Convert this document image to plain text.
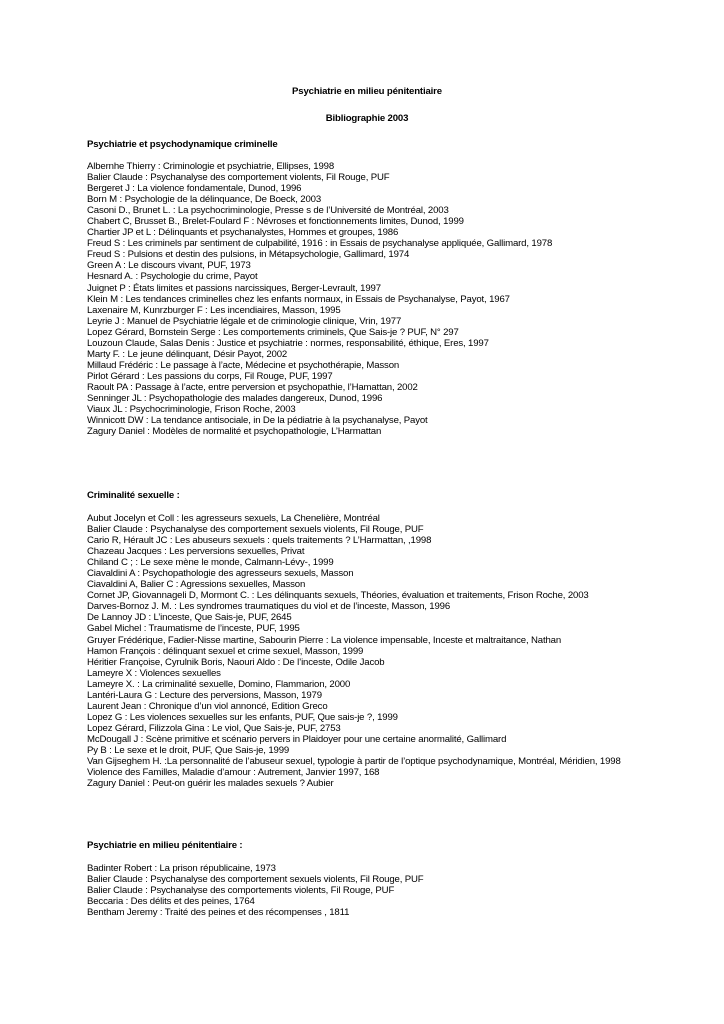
Psychiatrie en milieu pénitentiaire
Bibliographie 2003
Psychiatrie et psychodynamique criminelle
Albernhe Thierry : Criminologie et psychiatrie, Ellipses, 1998
Balier Claude : Psychanalyse des comportement violents, Fil Rouge, PUF
Bergeret J : La violence fondamentale, Dunod, 1996
Born M : Psychologie de la délinquance, De Boeck, 2003
Casoni D., Brunet L. : La psychocriminologie, Presse s de l’Université de Montréal, 2003
Chabert C, Brusset B., Brelet-Foulard F : Névroses et fonctionnements limites, Dunod, 1999
Chartier JP et L : Délinquants et psychanalystes, Hommes et groupes, 1986
Freud S : Les criminels par sentiment de culpabilité, 1916 : in Essais de psychanalyse appliquée, Gallimard, 1978
Freud S : Pulsions et destin des pulsions, in Métapsychologie, Gallimard, 1974
Green A : Le discours vivant, PUF, 1973
Hesnard A. : Psychologie du crime, Payot
Juignet P : États limites et passions narcissiques, Berger-Levrault, 1997
Klein M : Les tendances criminelles chez les enfants normaux, in Essais de Psychanalyse, Payot, 1967
Laxenaire M, Kunrzburger F : Les incendiaires, Masson, 1995
Leyrie J : Manuel de Psychiatrie légale et de criminologie clinique, Vrin, 1977
Lopez Gérard, Bornstein Serge : Les comportements criminels, Que Sais-je ? PUF, N° 297
Louzoun Claude, Salas Denis : Justice et psychiatrie : normes, responsabilité, éthique, Eres, 1997
Marty F. : Le jeune délinquant, Désir Payot, 2002
Millaud Frédéric : Le passage à l’acte, Médecine et psychothérapie, Masson
Pirlot Gérard : Les passions du corps, Fil Rouge, PUF, 1997
Raoult PA : Passage à l’acte, entre perversion et psychopathie, l’Hamattan, 2002
Senninger JL : Psychopathologie des malades dangereux, Dunod, 1996
Viaux JL : Psychocriminologie, Frison Roche, 2003
Winnicott DW : La tendance antisociale, in De la pédiatrie à la psychanalyse, Payot
Zagury Daniel : Modèles de normalité et psychopathologie, L’Harmattan
Criminalité sexuelle :
Aubut Jocelyn et Coll : les agresseurs sexuels, La Chenelière, Montréal
Balier Claude : Psychanalyse des comportement sexuels violents, Fil Rouge, PUF
Cario R, Hérault JC : Les abuseurs sexuels : quels traitements ? L’Harmattan, ,1998
Chazeau Jacques : Les perversions sexuelles, Privat
Chiland C ; : Le sexe mène le monde, Calmann-Lévy-, 1999
Ciavaldini A : Psychopathologie des agresseurs sexuels, Masson
Ciavaldini A, Balier C : Agressions sexuelles, Masson
Cornet JP, Giovannageli D, Mormont C. : Les délinquants sexuels, Théories, évaluation et traitements, Frison Roche, 2003
Darves-Bornoz J. M. : Les syndromes traumatiques du viol et de l’inceste, Masson, 1996
De Lannoy JD : L’inceste, Que Sais-je, PUF, 2645
Gabel Michel : Traumatisme de l’inceste, PUF, 1995
Gruyer Frédérique, Fadier-Nisse martine, Sabourin Pierre : La violence impensable, Inceste et maltraitance, Nathan
Hamon François : délinquant sexuel et crime sexuel, Masson, 1999
Héritier Françoise, Cyrulnik Boris, Naouri Aldo : De l’inceste, Odile Jacob
Lameyre X : Violences sexuelles
Lameyre X. : La criminalité sexuelle, Domino, Flammarion, 2000
Lantéri-Laura G : Lecture des perversions, Masson, 1979
Laurent Jean : Chronique d’un viol annoncé, Edition Greco
Lopez G : Les violences sexuelles sur les enfants, PUF, Que sais-je ?, 1999
Lopez Gérard, Filizzola Gina : Le viol, Que Sais-je, PUF, 2753
McDougall J : Scène primitive et scénario pervers in Plaidoyer pour une certaine anormalité, Gallimard
Py B : Le sexe et le droit, PUF, Que Sais-je, 1999
Van Gijseghem H. :La personnalité de l’abuseur sexuel, typologie à partir de l’optique psychodynamique, Montréal, Méridien, 1998
Violence des Familles, Maladie d’amour : Autrement, Janvier 1997, 168
Zagury Daniel : Peut-on guérir les malades sexuels ? Aubier
Psychiatrie en milieu pénitentiaire :
Badinter Robert : La prison républicaine, 1973
Balier Claude : Psychanalyse des comportement sexuels violents, Fil Rouge, PUF
Balier Claude : Psychanalyse des comportements violents, Fil Rouge, PUF
Beccaria : Des délits et des peines, 1764
Bentham Jeremy : Traité des peines et des récompenses , 1811
